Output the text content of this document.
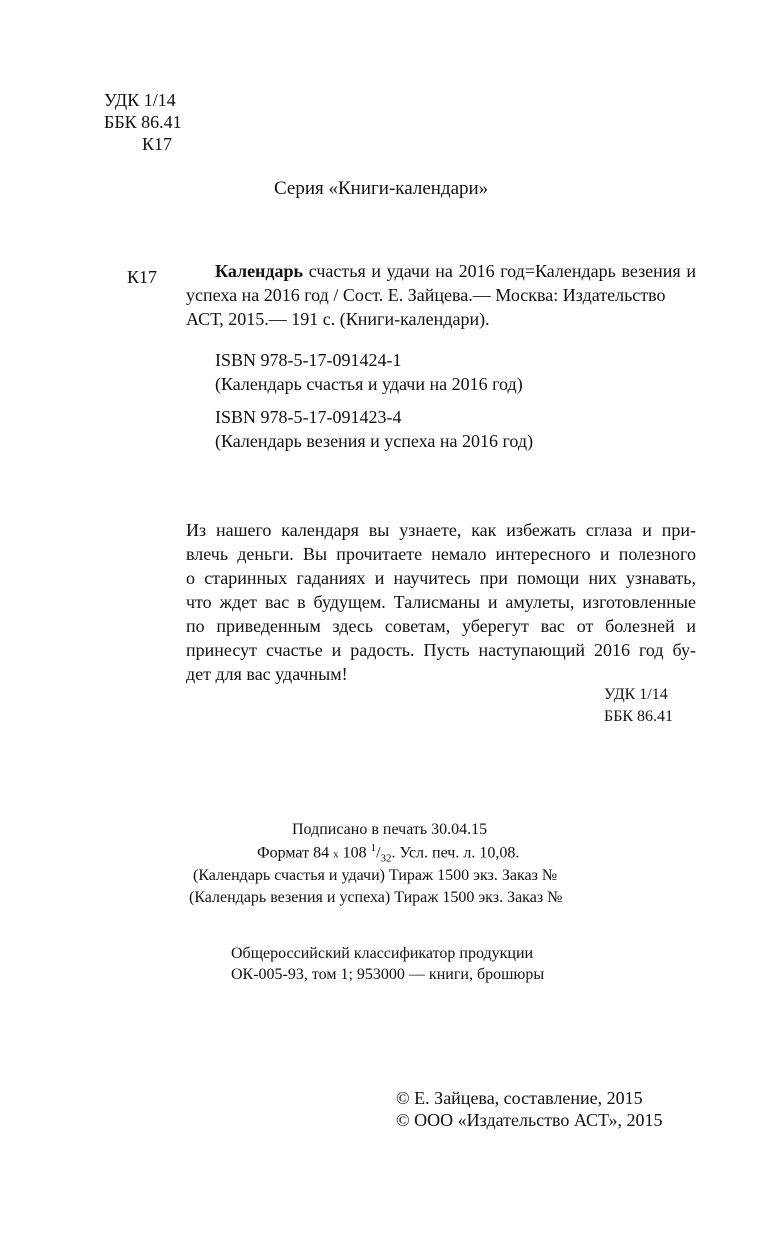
УДК 1/14
ББК 86.41
К17
Серия «Книги-календари»
К17	Календарь счастья и удачи на 2016 год=Календарь везения и
успеха на 2016 год / Сост. Е. Зайцева.— Москва: Издательство
АСТ, 2015.— 191 с. (Книги-календари).
ISBN 978-5-17-091424-1
(Календарь счастья и удачи на 2016 год)
ISBN 978-5-17-091423-4
(Календарь везения и успеха на 2016 год)
Из нашего календаря вы узнаете, как избежать сглаза и при-
влечь деньги. Вы прочитаете немало интересного и полезного
о старинных гаданиях и научитесь при помощи них узнавать,
что ждет вас в будущем. Талисманы и амулеты, изготовленные
по приведенным здесь советам, уберегут вас от болезней и
принесут счастье и радость. Пусть наступающий 2016 год бу-
дет для вас удачным!
УДК 1/14
ББК 86.41
Подписано в печать 30.04.15
Формат 84 x 108 $^1/_{32}$. Усл. печ. л. 10,08.
(Календарь счастья и удачи) Тираж 1500 экз. Заказ №
(Календарь везения и успеха) Тираж 1500 экз. Заказ №
Общероссийский классификатор продукции
ОК-005-93, том 1; 953000 — книги, брошюры
© Е. Зайцева, составление, 2015
© ООО «Издательство АСТ», 2015
